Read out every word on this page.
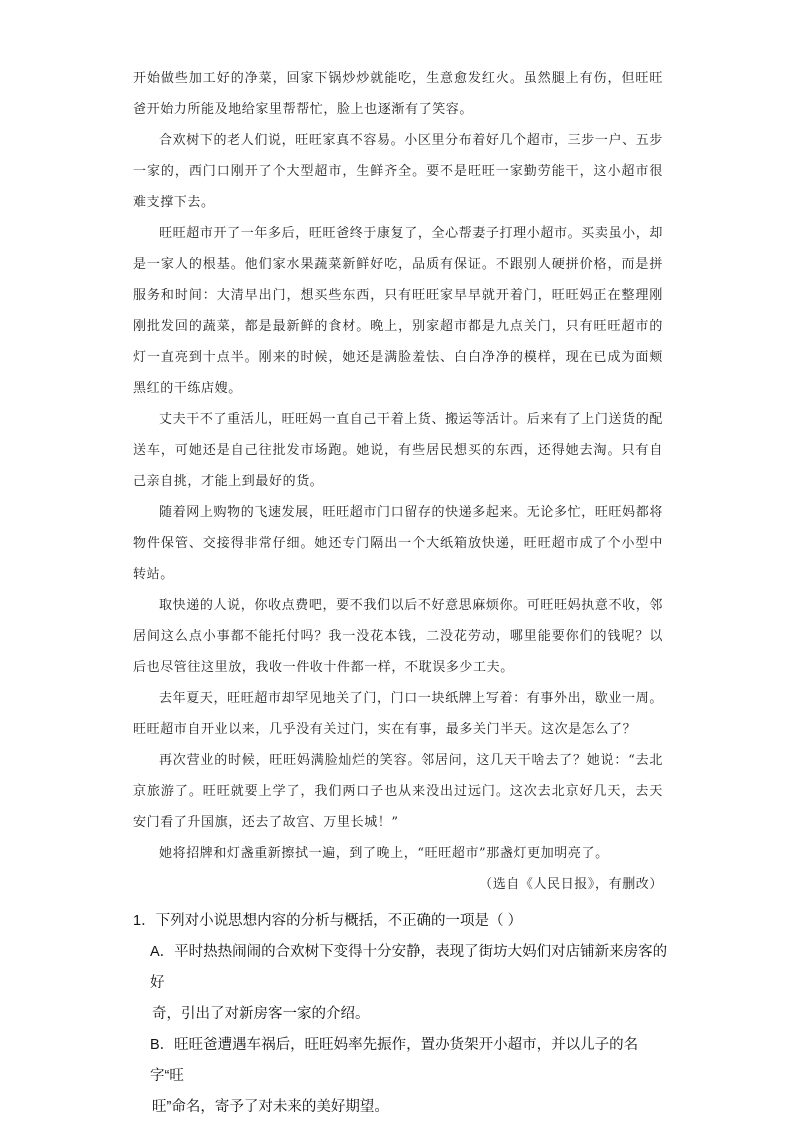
开始做些加工好的净菜，回家下锅炒炒就能吃，生意愈发红火。虽然腿上有伤，但旺旺爸开始力所能及地给家里帮帮忙，脸上也逐渐有了笑容。

合欢树下的老人们说，旺旺家真不容易。小区里分布着好几个超市，三步一户、五步一家的，西门口刚开了个大型超市，生鲜齐全。要不是旺旺一家勤劳能干，这小超市很难支撑下去。

旺旺超市开了一年多后，旺旺爸终于康复了，全心帮妻子打理小超市。买卖虽小，却是一家人的根基。他们家水果蔬菜新鲜好吃，品质有保证。不跟别人硬拼价格，而是拼服务和时间：大清早出门，想买些东西，只有旺旺家早早就开着门，旺旺妈正在整理刚刚批发回的蔬菜，都是最新鲜的食材。晚上，别家超市都是九点关门，只有旺旺超市的灯一直亮到十点半。刚来的时候，她还是满脸羞怯、白白净净的模样，现在已成为面颊黑红的干练店嫂。

丈夫干不了重活儿，旺旺妈一直自己干着上货、搬运等活计。后来有了上门送货的配送车，可她还是自己往批发市场跑。她说，有些居民想买的东西，还得她去淘。只有自己亲自挑，才能上到最好的货。

随着网上购物的飞速发展，旺旺超市门口留存的快递多起来。无论多忙，旺旺妈都将物件保管、交接得非常仔细。她还专门隔出一个大纸箱放快递，旺旺超市成了个小型中转站。

取快递的人说，你收点费吧，要不我们以后不好意思麻烦你。可旺旺妈执意不收，邻居间这么点小事都不能托付吗？我一没花本钱，二没花劳动，哪里能要你们的钱呢？以后也尽管往这里放，我收一件收十件都一样，不耽误多少工夫。

去年夏天，旺旺超市却罕见地关了门，门口一块纸牌上写着：有事外出，歇业一周。旺旺超市自开业以来，几乎没有关过门，实在有事，最多关门半天。这次是怎么了？

再次营业的时候，旺旺妈满脸灿烂的笑容。邻居问，这几天干啥去了？她说：“去北京旅游了。旺旺就要上学了，我们两口子也从来没出过远门。这次去北京好几天，去天安门看了升国旗，还去了故宫、万里长城！”

她将招牌和灯盏重新擦拭一遍，到了晚上，“旺旺超市”那盏灯更加明亮了。

（选自《人民日报》，有删改）

1．下列对小说思想内容的分析与概括，不正确的一项是（ ）

A．平时热热闹闹的合欢树下变得十分安静，表现了街坊大妈们对店铺新来房客的好
奇，引出了对新房客一家的介绍。

B．旺旺爸遭遇车祸后，旺旺妈率先振作，置办货架开小超市，并以儿子的名字“旺
旺”命名，寄予了对未来的美好期望。
